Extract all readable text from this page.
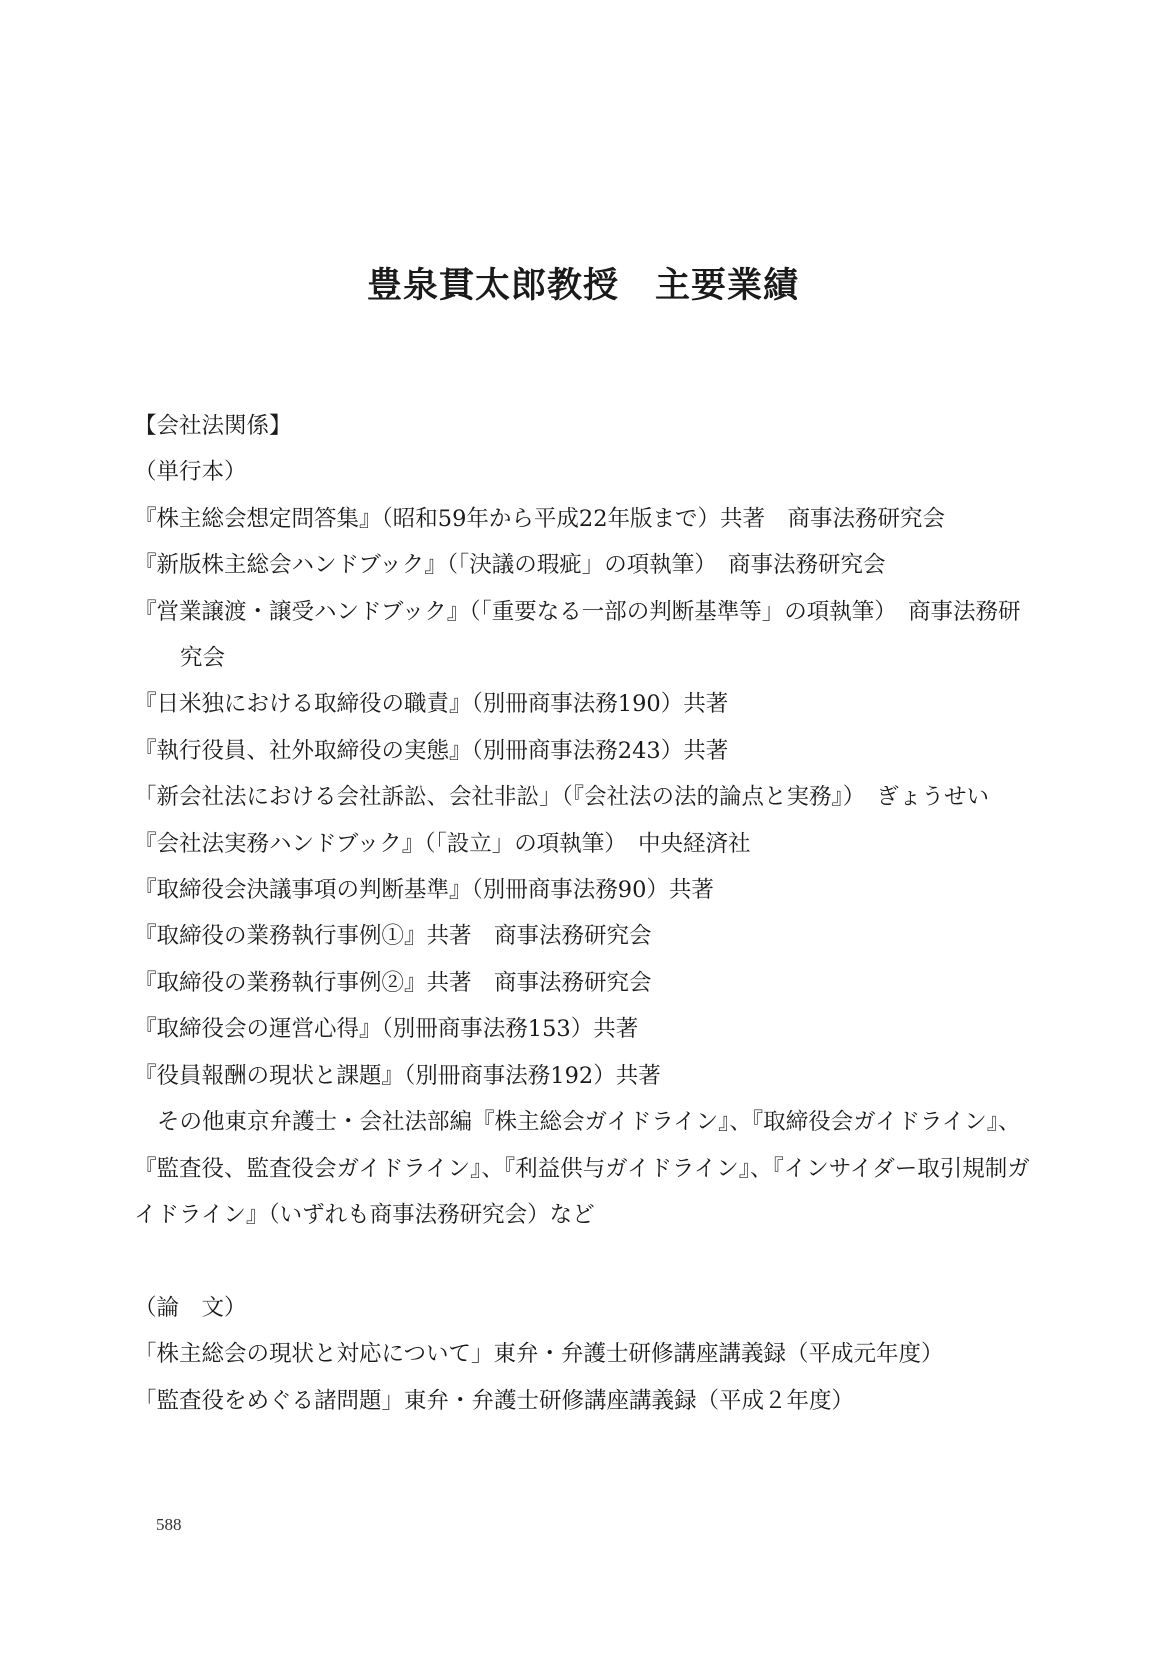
豊泉貫太郎教授　主要業績
【会社法関係】
（単行本）
『株主総会想定問答集』（昭和59年から平成22年版まで）共著　商事法務研究会
『新版株主総会ハンドブック』（「決議の瑕疵」の項執筆）　商事法務研究会
『営業譲渡・譲受ハンドブック』（「重要なる一部の判断基準等」の項執筆）　商事法務研究会
『日米独における取締役の職責』（別冊商事法務190）共著
『執行役員、社外取締役の実態』（別冊商事法務243）共著
「新会社法における会社訴訟、会社非訟」（『会社法の法的論点と実務』）　ぎょうせい
『会社法実務ハンドブック』（「設立」の項執筆）　中央経済社
『取締役会決議事項の判断基準』（別冊商事法務90）共著
『取締役の業務執行事例①』共著　商事法務研究会
『取締役の業務執行事例②』共著　商事法務研究会
『取締役会の運営心得』（別冊商事法務153）共著
『役員報酬の現状と課題』（別冊商事法務192）共著
その他東京弁護士・会社法部編『株主総会ガイドライン』、『取締役会ガイドライン』、『監査役、監査役会ガイドライン』、『利益供与ガイドライン』、『インサイダー取引規制ガイドライン』（いずれも商事法務研究会）など
（論　文）
「株主総会の現状と対応について」東弁・弁護士研修講座講義録（平成元年度）
「監査役をめぐる諸問題」東弁・弁護士研修講座講義録（平成２年度）
588
